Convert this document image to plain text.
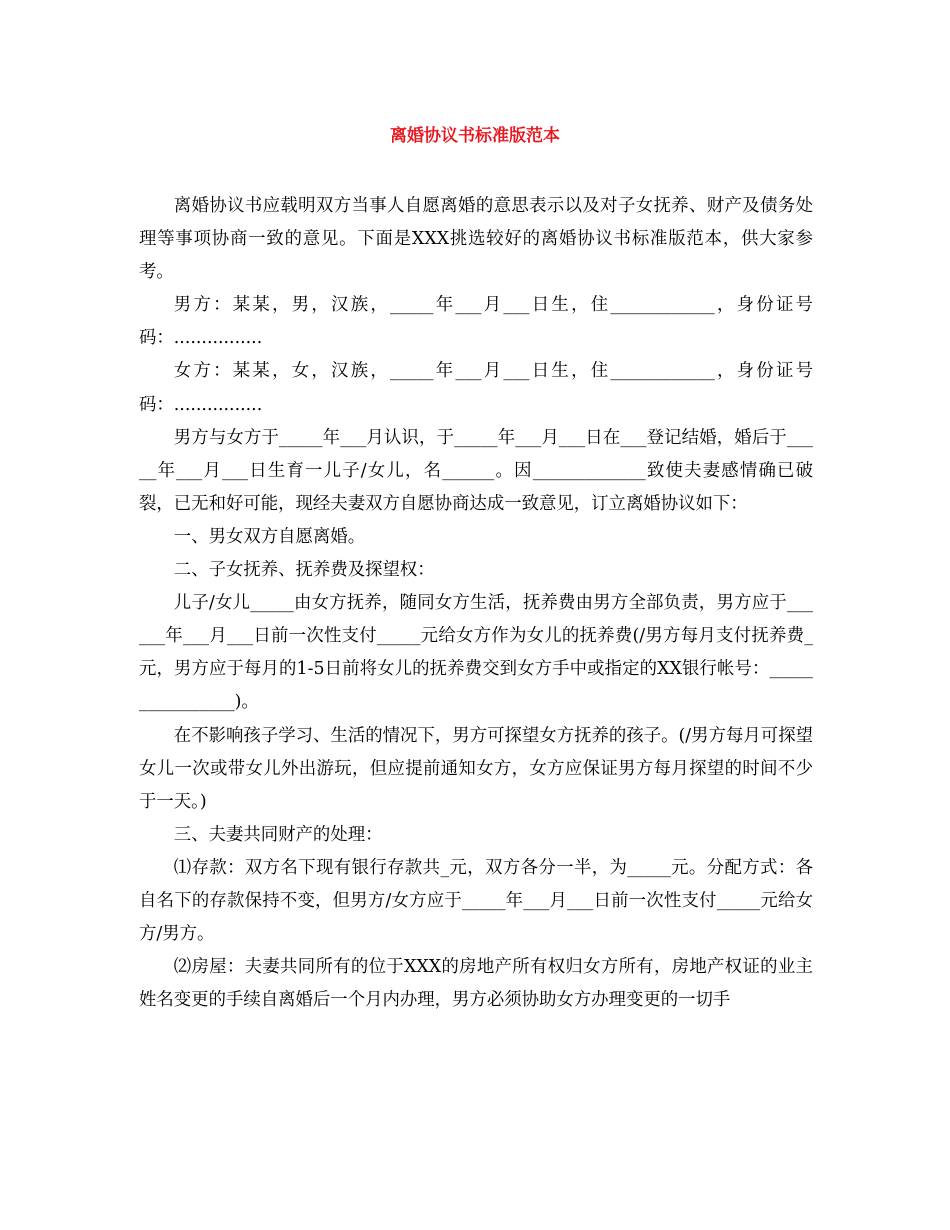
离婚协议书标准版范本

离婚协议书应载明双方当事人自愿离婚的意思表示以及对子女抚养、财产及债务处理等事项协商一致的意见。下面是XXX挑选较好的离婚协议书标准版范本，供大家参考。

男方：某某，男，汉族，_____年___月___日生，住____________，身份证号码：................

女方：某某，女，汉族，_____年___月___日生，住____________，身份证号码：................

男方与女方于_____年___月认识，于_____年___月___日在___登记结婚，婚后于_____年___月___日生育一儿子/女儿，名______。因_____________致使夫妻感情确已破裂，已无和好可能，现经夫妻双方自愿协商达成一致意见，订立离婚协议如下：

一、男女双方自愿离婚。

二、子女抚养、抚养费及探望权：

儿子/女儿_____由女方抚养，随同女方生活，抚养费由男方全部负责，男方应于______年___月___日前一次性支付_____元给女方作为女儿的抚养费(/男方每月支付抚养费_元，男方应于每月的1-5日前将女儿的抚养费交到女方手中或指定的XX银行帐号：________________)。

在不影响孩子学习、生活的情况下，男方可探望女方抚养的孩子。(/男方每月可探望女儿一次或带女儿外出游玩，但应提前通知女方，女方应保证男方每月探望的时间不少于一天。)

三、夫妻共同财产的处理：

⑴存款：双方名下现有银行存款共_元，双方各分一半，为_____元。分配方式：各自名下的存款保持不变，但男方/女方应于_____年___月___日前一次性支付_____元给女方/男方。

⑵房屋：夫妻共同所有的位于XXX的房地产所有权归女方所有，房地产权证的业主姓名变更的手续自离婚后一个月内办理，男方必须协助女方办理变更的一切手
